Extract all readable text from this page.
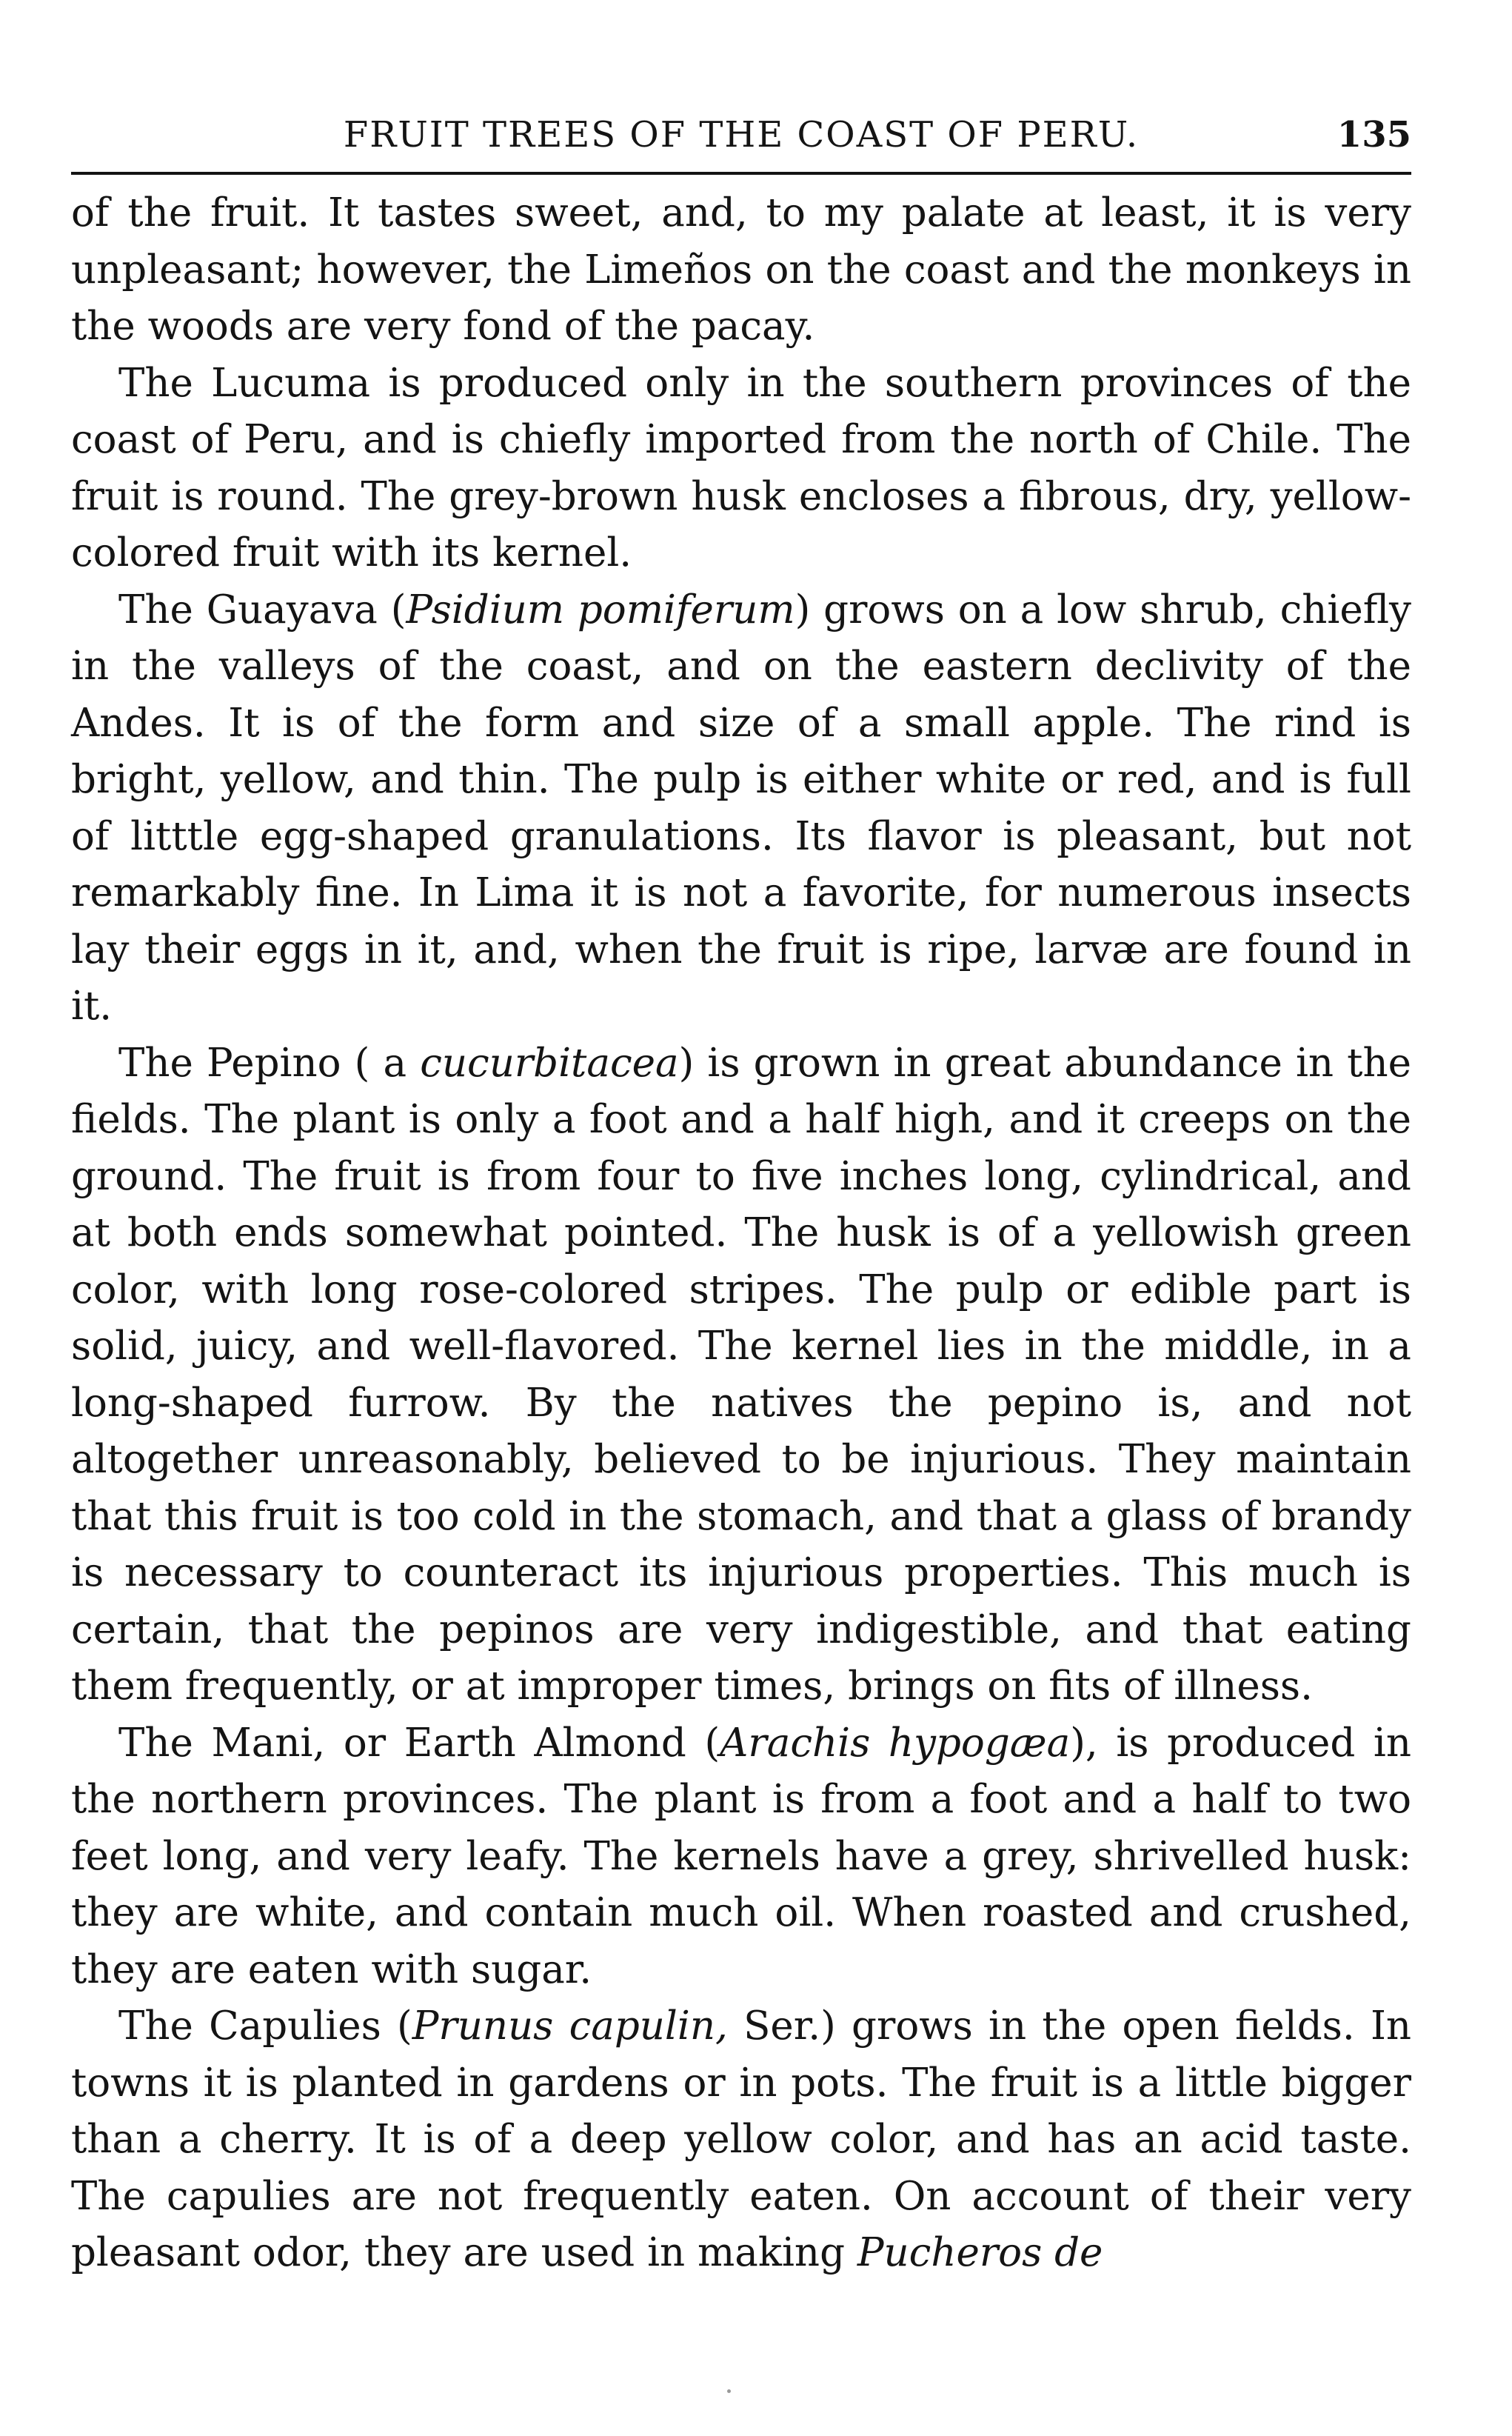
FRUIT TREES OF THE COAST OF PERU.	135

of the fruit. It tastes sweet, and, to my palate at least, it is very unpleasant; however, the Limeños on the coast and the monkeys in the woods are very fond of the pacay.

The Lucuma is produced only in the southern provinces of the coast of Peru, and is chiefly imported from the north of Chile. The fruit is round. The grey-brown husk encloses a fibrous, dry, yellow-colored fruit with its kernel.

The Guayava (Psidium pomiferum) grows on a low shrub, chiefly in the valleys of the coast, and on the eastern declivity of the Andes. It is of the form and size of a small apple. The rind is bright, yellow, and thin. The pulp is either white or red, and is full of litttle egg-shaped granulations. Its flavor is pleasant, but not remarkably fine. In Lima it is not a favorite, for numerous insects lay their eggs in it, and, when the fruit is ripe, larvæ are found in it.

The Pepino ( a cucurbitacea) is grown in great abundance in the fields. The plant is only a foot and a half high, and it creeps on the ground. The fruit is from four to five inches long, cylindrical, and at both ends somewhat pointed. The husk is of a yellowish green color, with long rose-colored stripes. The pulp or edible part is solid, juicy, and well-flavored. The kernel lies in the middle, in a long-shaped furrow. By the natives the pepino is, and not altogether unreasonably, believed to be injurious. They maintain that this fruit is too cold in the stomach, and that a glass of brandy is necessary to counteract its injurious properties. This much is certain, that the pepinos are very indigestible, and that eating them frequently, or at improper times, brings on fits of illness.

The Mani, or Earth Almond (Arachis hypogæa), is produced in the northern provinces. The plant is from a foot and a half to two feet long, and very leafy. The kernels have a grey, shrivelled husk: they are white, and contain much oil. When roasted and crushed, they are eaten with sugar.

The Capulies (Prunus capulin, Ser.) grows in the open fields. In towns it is planted in gardens or in pots. The fruit is a little bigger than a cherry. It is of a deep yellow color, and has an acid taste. The capulies are not frequently eaten. On account of their very pleasant odor, they are used in making Pucheros de
